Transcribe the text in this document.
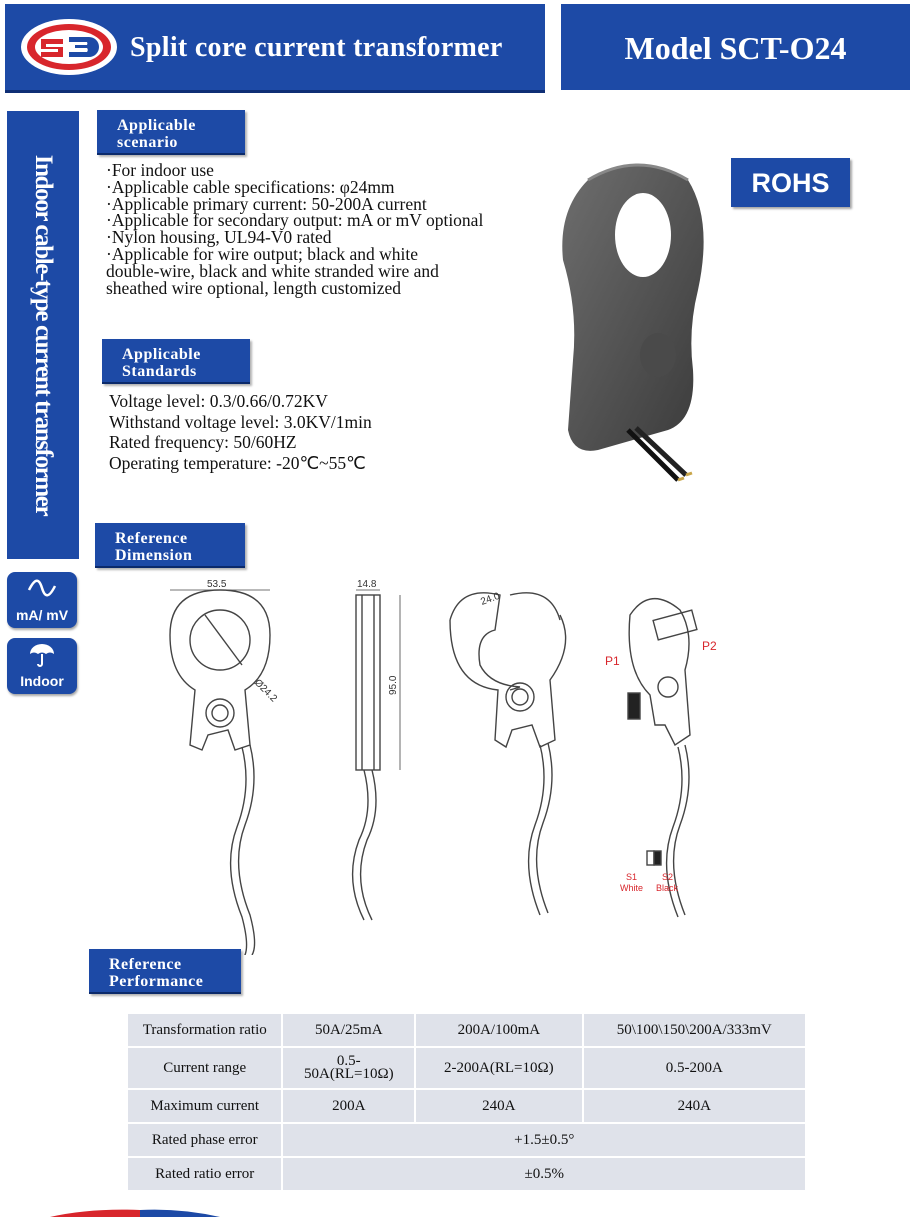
Split core current transformer	Model SCT-O24
Indoor cable-type current transformer
mA/ mV
Indoor
Applicable
scenario
·For indoor use
·Applicable cable specifications: φ24mm
·Applicable primary current: 50-200A current
·Applicable for secondary output: mA or mV optional
·Nylon housing, UL94-V0 rated
·Applicable for wire output; black and white
double-wire, black and white stranded wire and
sheathed wire optional, length customized
Applicable
Standards
Voltage level: 0.3/0.66/0.72KV
Withstand voltage level: 3.0KV/1min
Rated frequency: 50/60HZ
Operating temperature: -20℃~55℃
ROHS
Reference
Dimension
53.5
Ø24.2
14.8
95.0
24.0
P1
P2
S1	S2
White Black
Reference
Performance
Transformation ratio	50A/25mA	200A/100mA	50\100\150\200A/333mV
Current range	0.5-
50A(RL=10Ω)	2-200A(RL=10Ω)	0.5-200A
Maximum current	200A	240A	240A
Rated phase error	+1.5±0.5°		
Rated ratio error	±0.5%		
